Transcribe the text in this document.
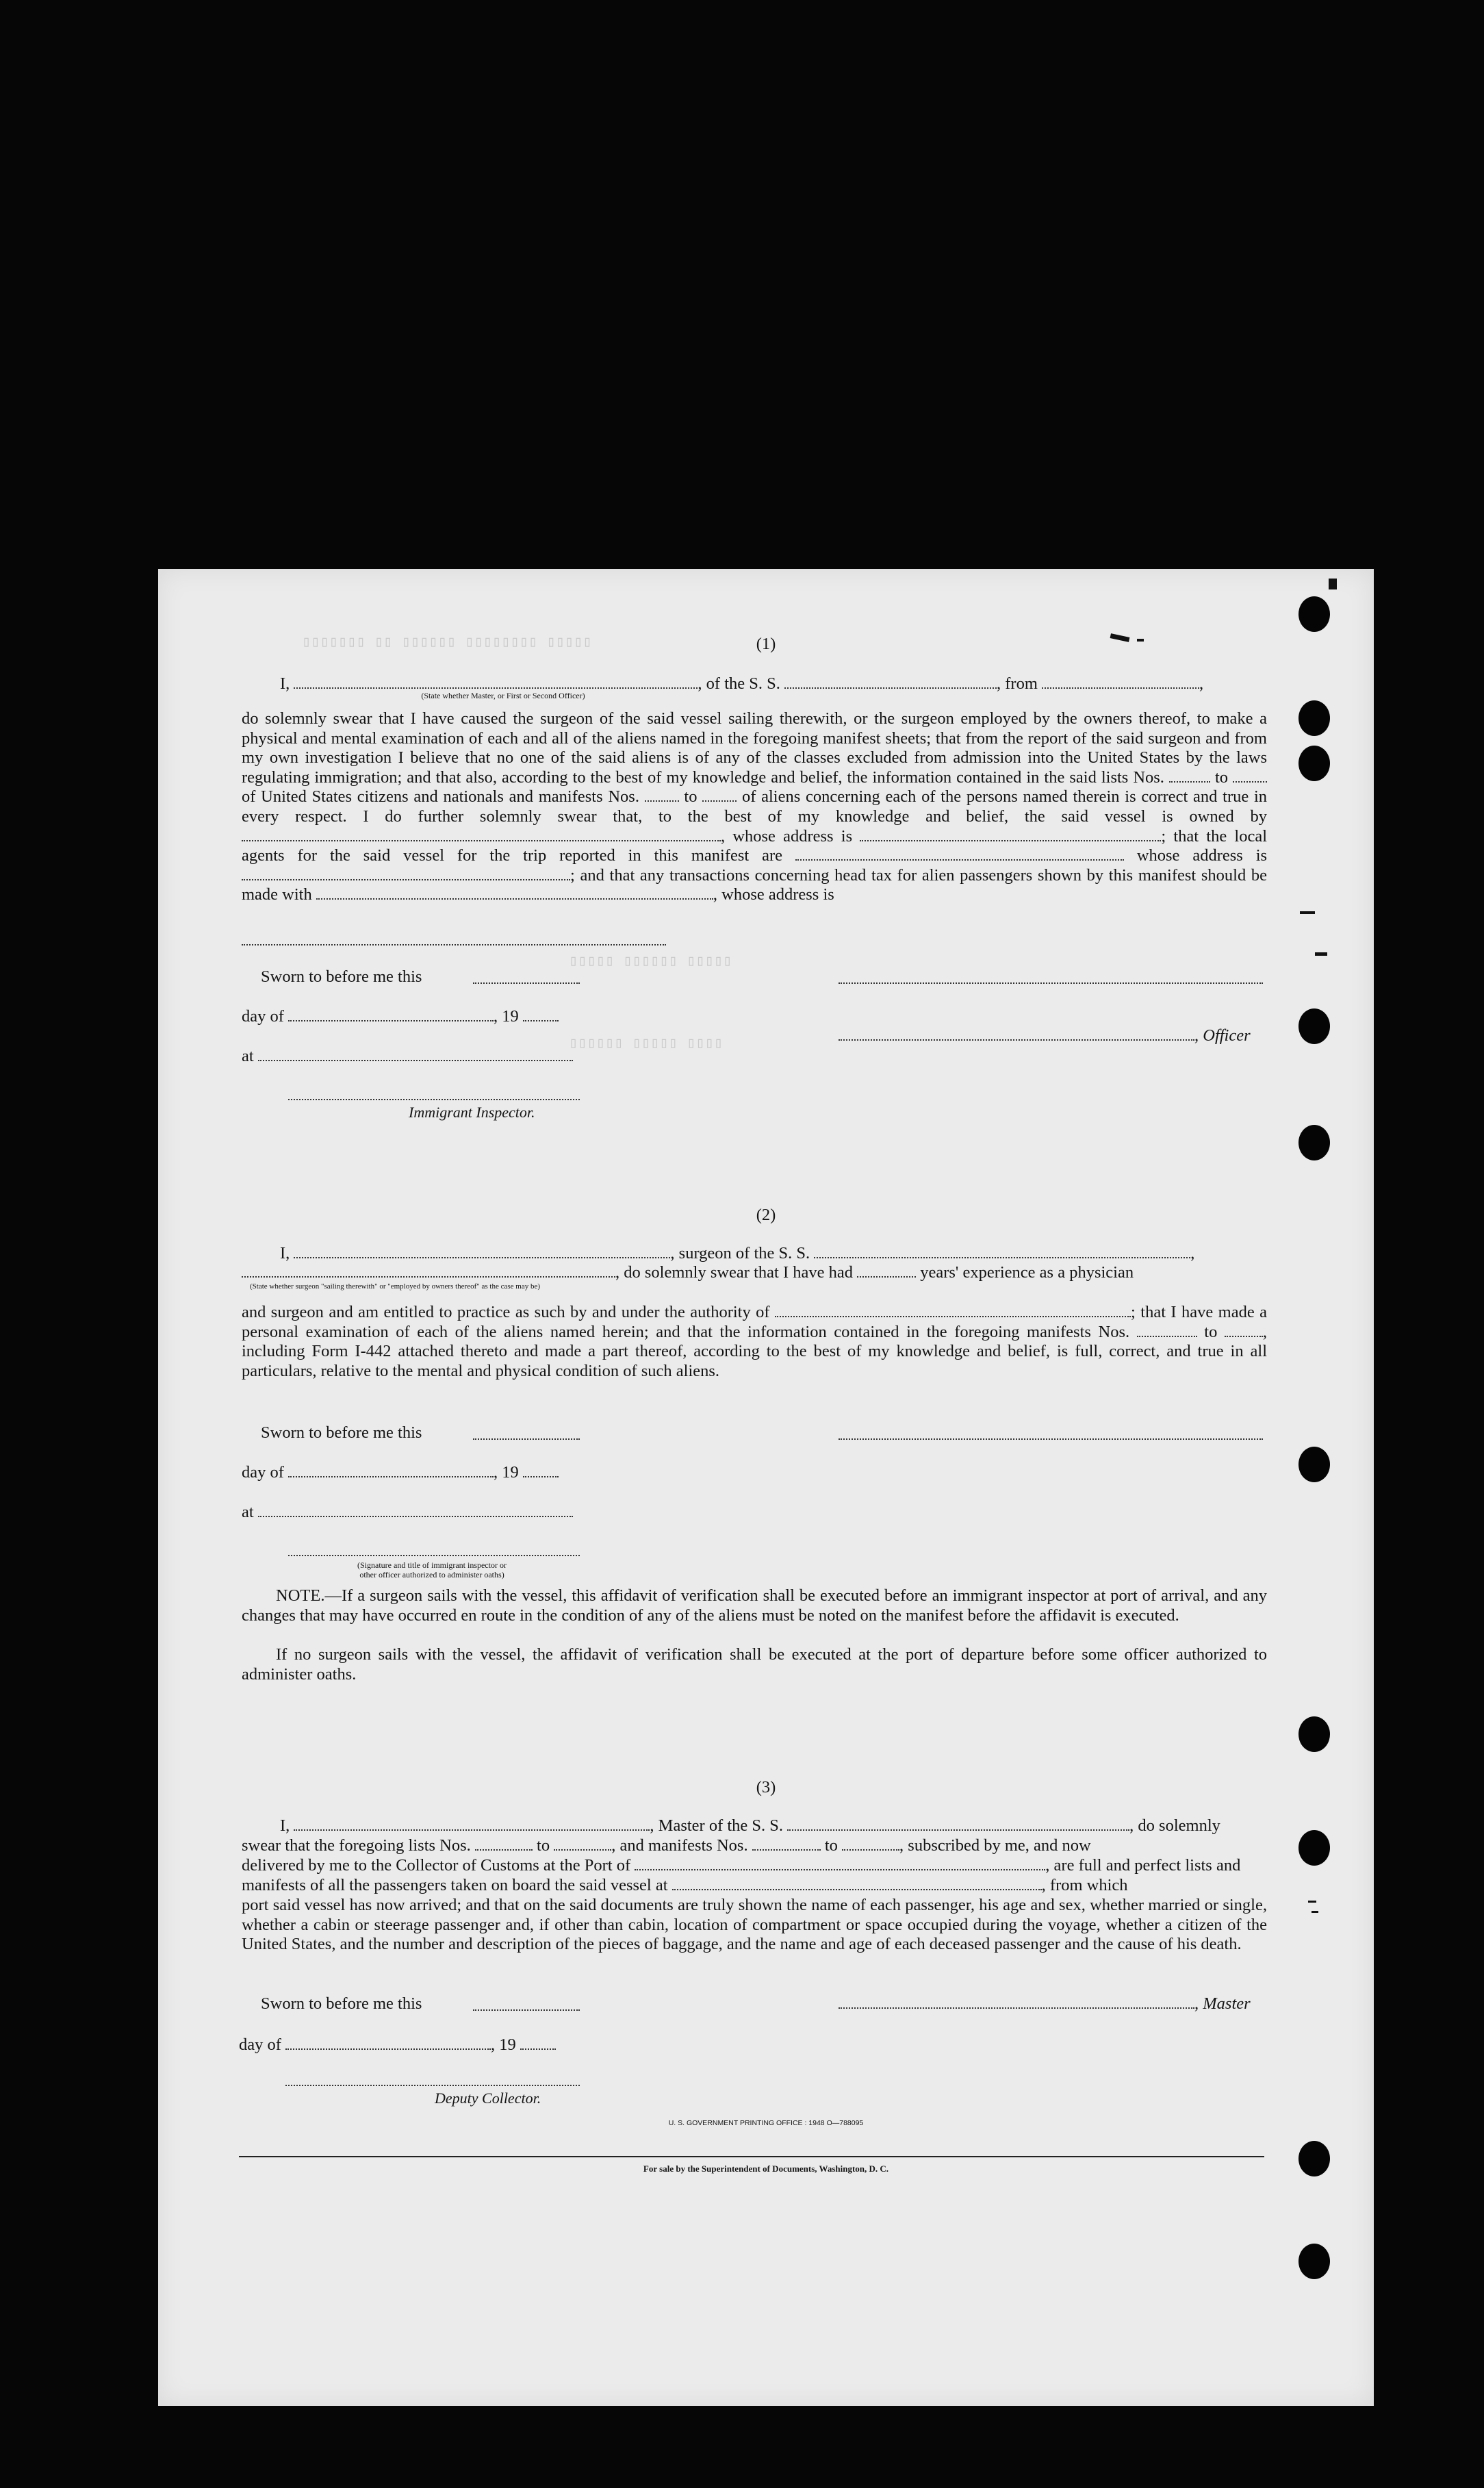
▯▯▯▯▯▯▯ ▯▯ ▯▯▯▯▯▯ ▯▯▯▯▯▯▯▯ ▯▯▯▯▯
▯▯▯▯▯ ▯▯▯▯▯▯ ▯▯▯▯▯
▯▯▯▯▯▯ ▯▯▯▯▯ ▯▯▯▯
(1)
I,	, of the S. S.	, from	,
(State whether Master, or First or Second Officer)
do solemnly swear that I have caused the surgeon of the said vessel sailing therewith, or the surgeon employed by the owners thereof, to make a physical and mental examination of each and all of the aliens named in the foregoing manifest sheets; that from the report of the said surgeon and from my own investigation I believe that no one of the said aliens is of any of the classes excluded from admission into the United States by the laws regulating immigration; and that also, according to the best of my knowledge and belief, the information contained in the said lists Nos.	to  of United States citizens and nationals and manifests Nos.	to	of aliens concerning each of the persons named therein is correct and true in every respect. I do further solemnly swear that, to the best of my knowledge and belief, the said vessel is owned by , whose address is	; that the local agents for the said vessel for the trip reported in this manifest are	whose address is ; and that any transactions concerning head tax for alien passengers shown by this manifest should be made with	, whose address is
Sworn to before me this
day of	, 19
, Officer
at
Immigrant Inspector.
(2)
I,	, surgeon of the S. S.	,
, do solemnly swear that I have had	years' experience as a physician
(State whether surgeon "sailing therewith" or "employed by owners thereof" as the case may be)
and surgeon and am entitled to practice as such by and under the authority of	; that I have made a personal examination of each of the aliens named herein; and that the information contained in the foregoing manifests Nos.	to	, including Form I-442 attached thereto and made a part thereof, according to the best of my knowledge and belief, is full, correct, and true in all particulars, relative to the mental and physical condition of such aliens.
Sworn to before me this
day of	, 19
at
(Signature and title of immigrant inspector or
other officer authorized to administer oaths)
NOTE.—If a surgeon sails with the vessel, this affidavit of verification shall be executed before an immigrant inspector at port of arrival, and any changes that may have occurred en route in the condition of any of the aliens must be noted on the manifest before the affidavit is executed.
If no surgeon sails with the vessel, the affidavit of verification shall be executed at the port of departure before some officer authorized to administer oaths.
(3)
I,	, Master of the S. S.	, do solemnly
swear that the foregoing lists Nos.	to	, and manifests Nos.	to	, subscribed by me, and now
delivered by me to the Collector of Customs at the Port of	, are full and perfect lists and
manifests of all the passengers taken on board the said vessel at	, from which
port said vessel has now arrived; and that on the said documents are truly shown the name of each passenger, his age and sex, whether married or single, whether a cabin or steerage passenger and, if other than cabin, location of compartment or space occupied during the voyage, whether a citizen of the United States, and the number and description of the pieces of baggage, and the name and age of each deceased passenger and the cause of his death.
Sworn to before me this	, Master
day of	, 19
Deputy Collector.
U. S. GOVERNMENT PRINTING OFFICE : 1948 O—788095
For sale by the Superintendent of Documents, Washington, D. C.
